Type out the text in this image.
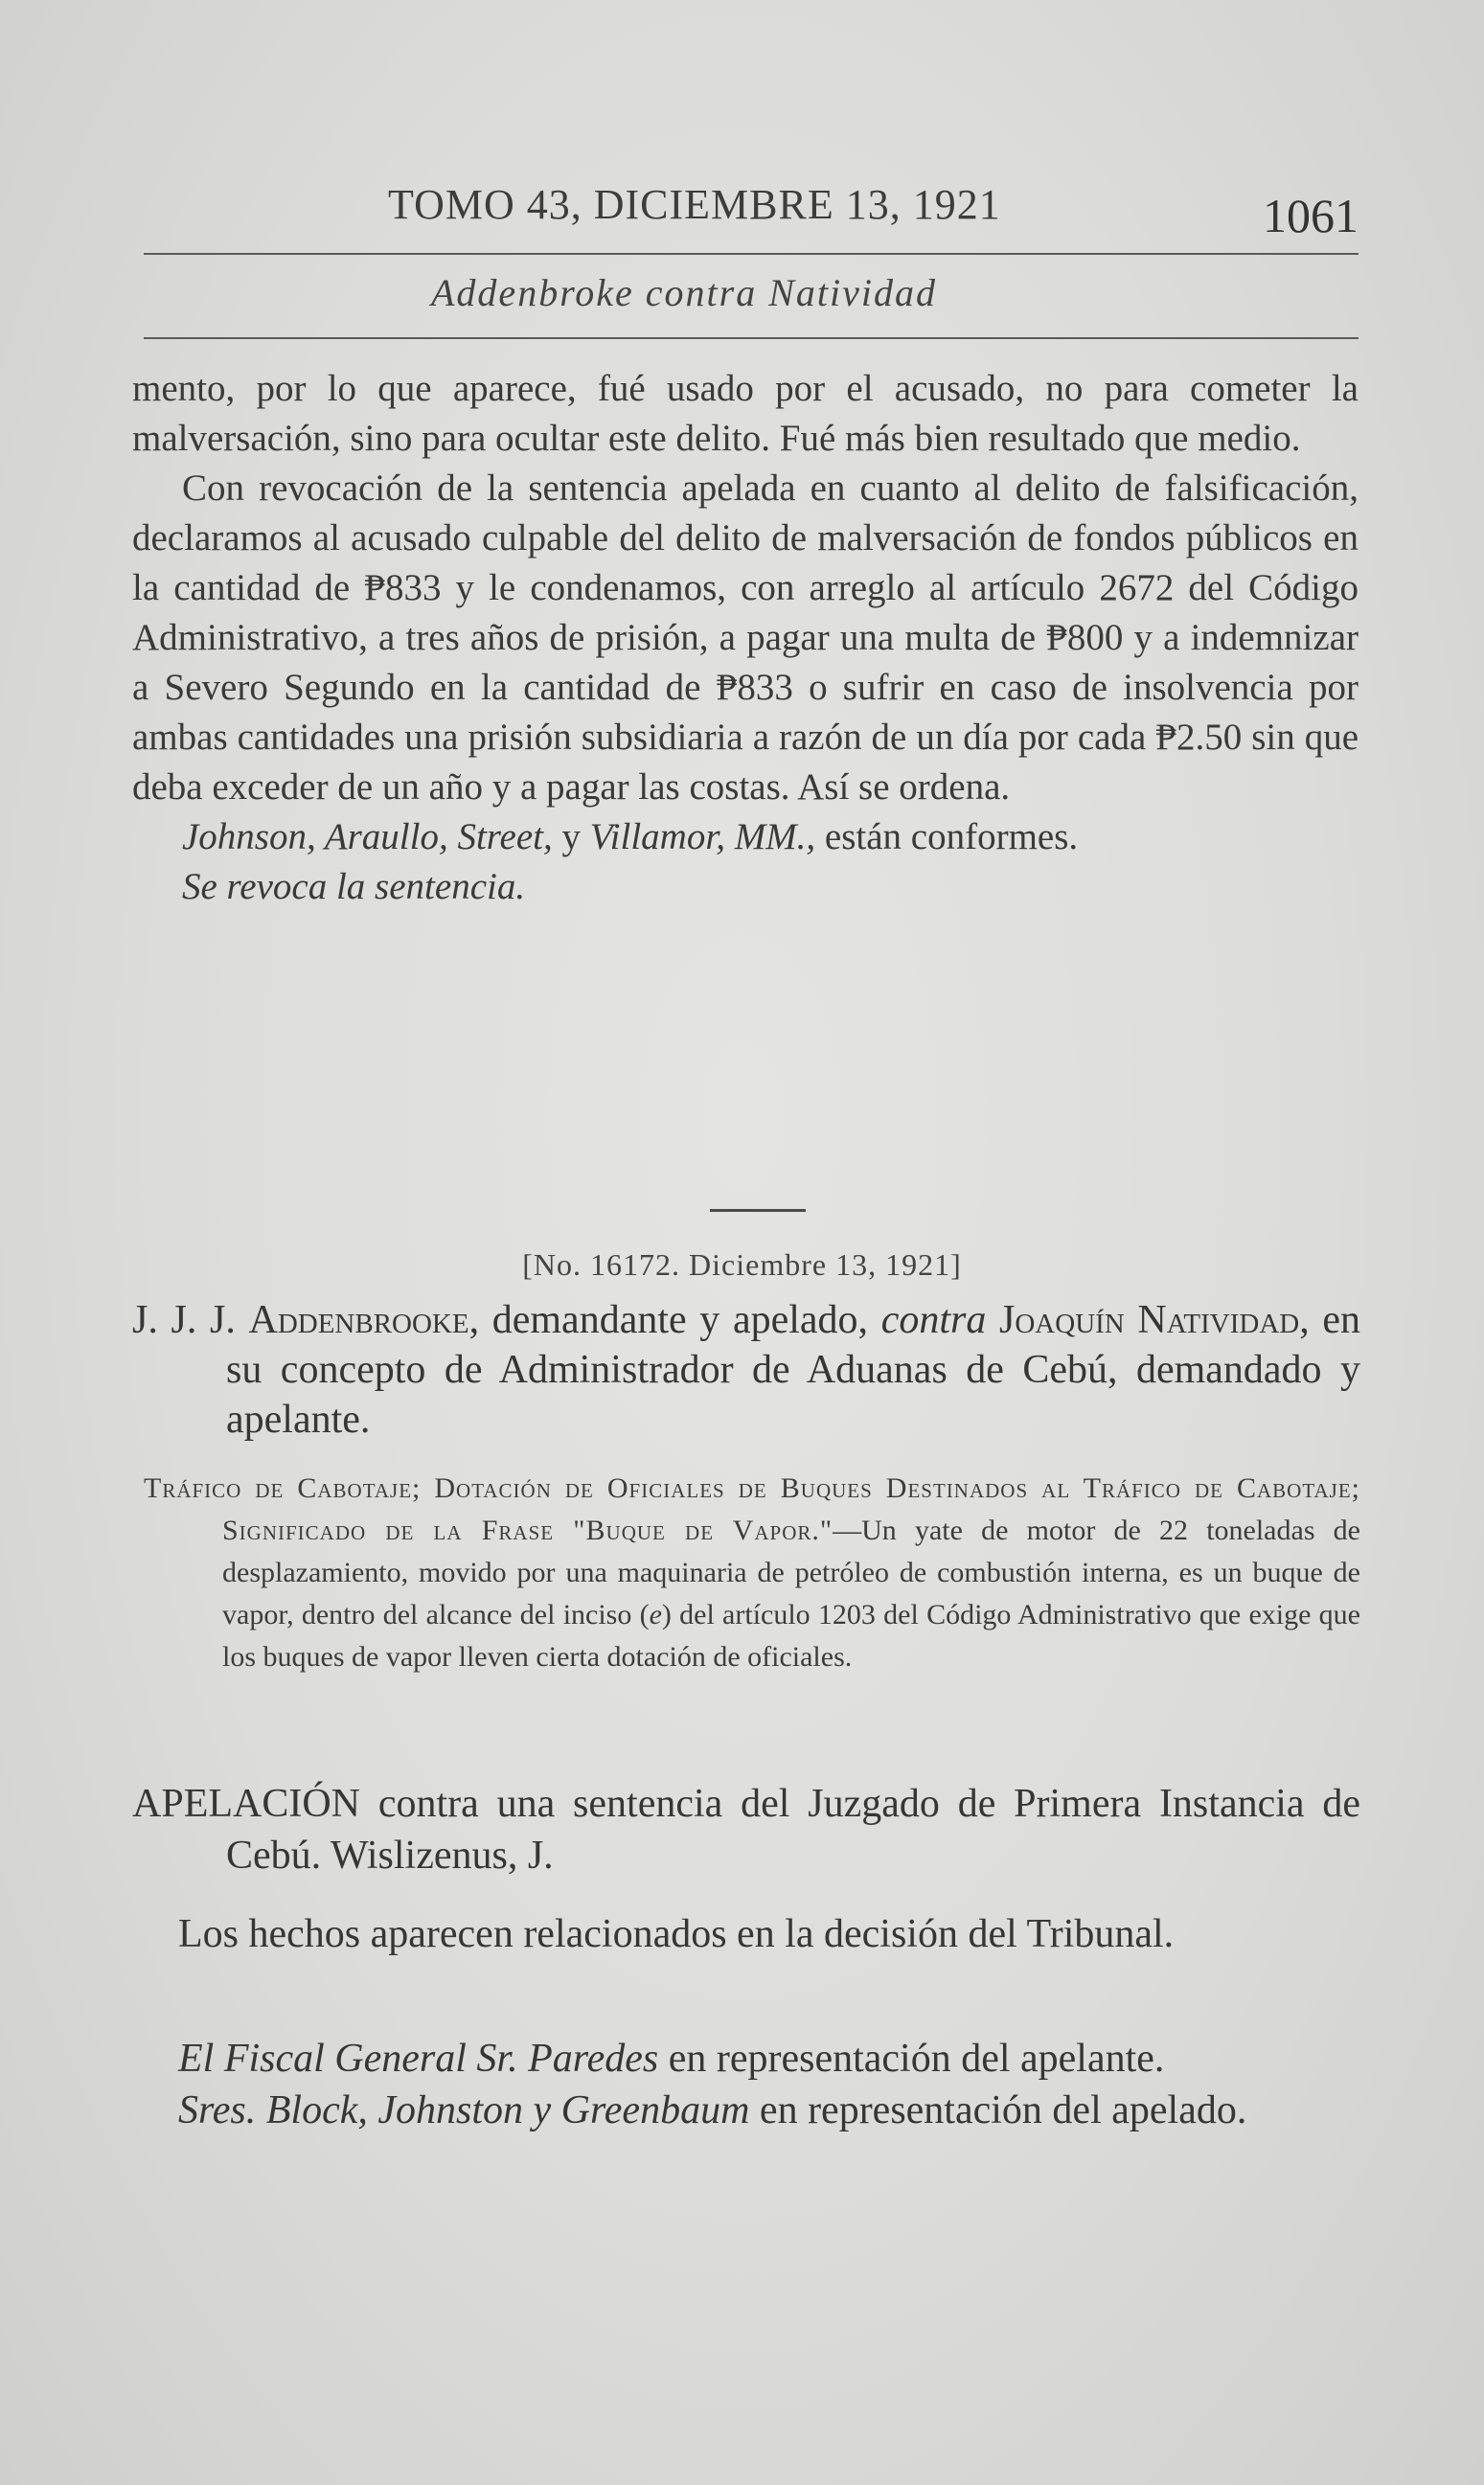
TOMO 43, DICIEMBRE 13, 1921	1061
Addenbroke contra Natividad

mento, por lo que aparece, fué usado por el acusado, no para cometer la malversación, sino para ocultar este delito. Fué más bien resultado que medio.

Con revocación de la sentencia apelada en cuanto al delito de falsificación, declaramos al acusado culpable del delito de malversación de fondos públicos en la cantidad de ₱833 y le condenamos, con arreglo al artículo 2672 del Código Administrativo, a tres años de prisión, a pagar una multa de ₱800 y a indemnizar a Severo Segundo en la cantidad de ₱833 o sufrir en caso de insolvencia por ambas cantidades una prisión subsidiaria a razón de un día por cada ₱2.50 sin que deba exceder de un año y a pagar las costas. Así se ordena.

Johnson, Araullo, Street, y Villamor, MM., están conformes.

Se revoca la sentencia.

[No. 16172. Diciembre 13, 1921]

J. J. J. Addenbrooke, demandante y apelado, contra Joaquín Natividad, en su concepto de Administrador de Aduanas de Cebú, demandado y apelante.

Tráfico de Cabotaje; Dotación de Oficiales de Buques Destinados al Tráfico de Cabotaje; Significado de la Frase "Buque de Vapor."—Un yate de motor de 22 toneladas de desplazamiento, movido por una maquinaria de petróleo de combustión interna, es un buque de vapor, dentro del alcance del inciso (e) del artículo 1203 del Código Administrativo que exige que los buques de vapor lleven cierta dotación de oficiales.

APELACIÓN contra una sentencia del Juzgado de Primera Instancia de Cebú. Wislizenus, J.

Los hechos aparecen relacionados en la decisión del Tribunal.

El Fiscal General Sr. Paredes en representación del apelante.

Sres. Block, Johnston y Greenbaum en representación del apelado.
